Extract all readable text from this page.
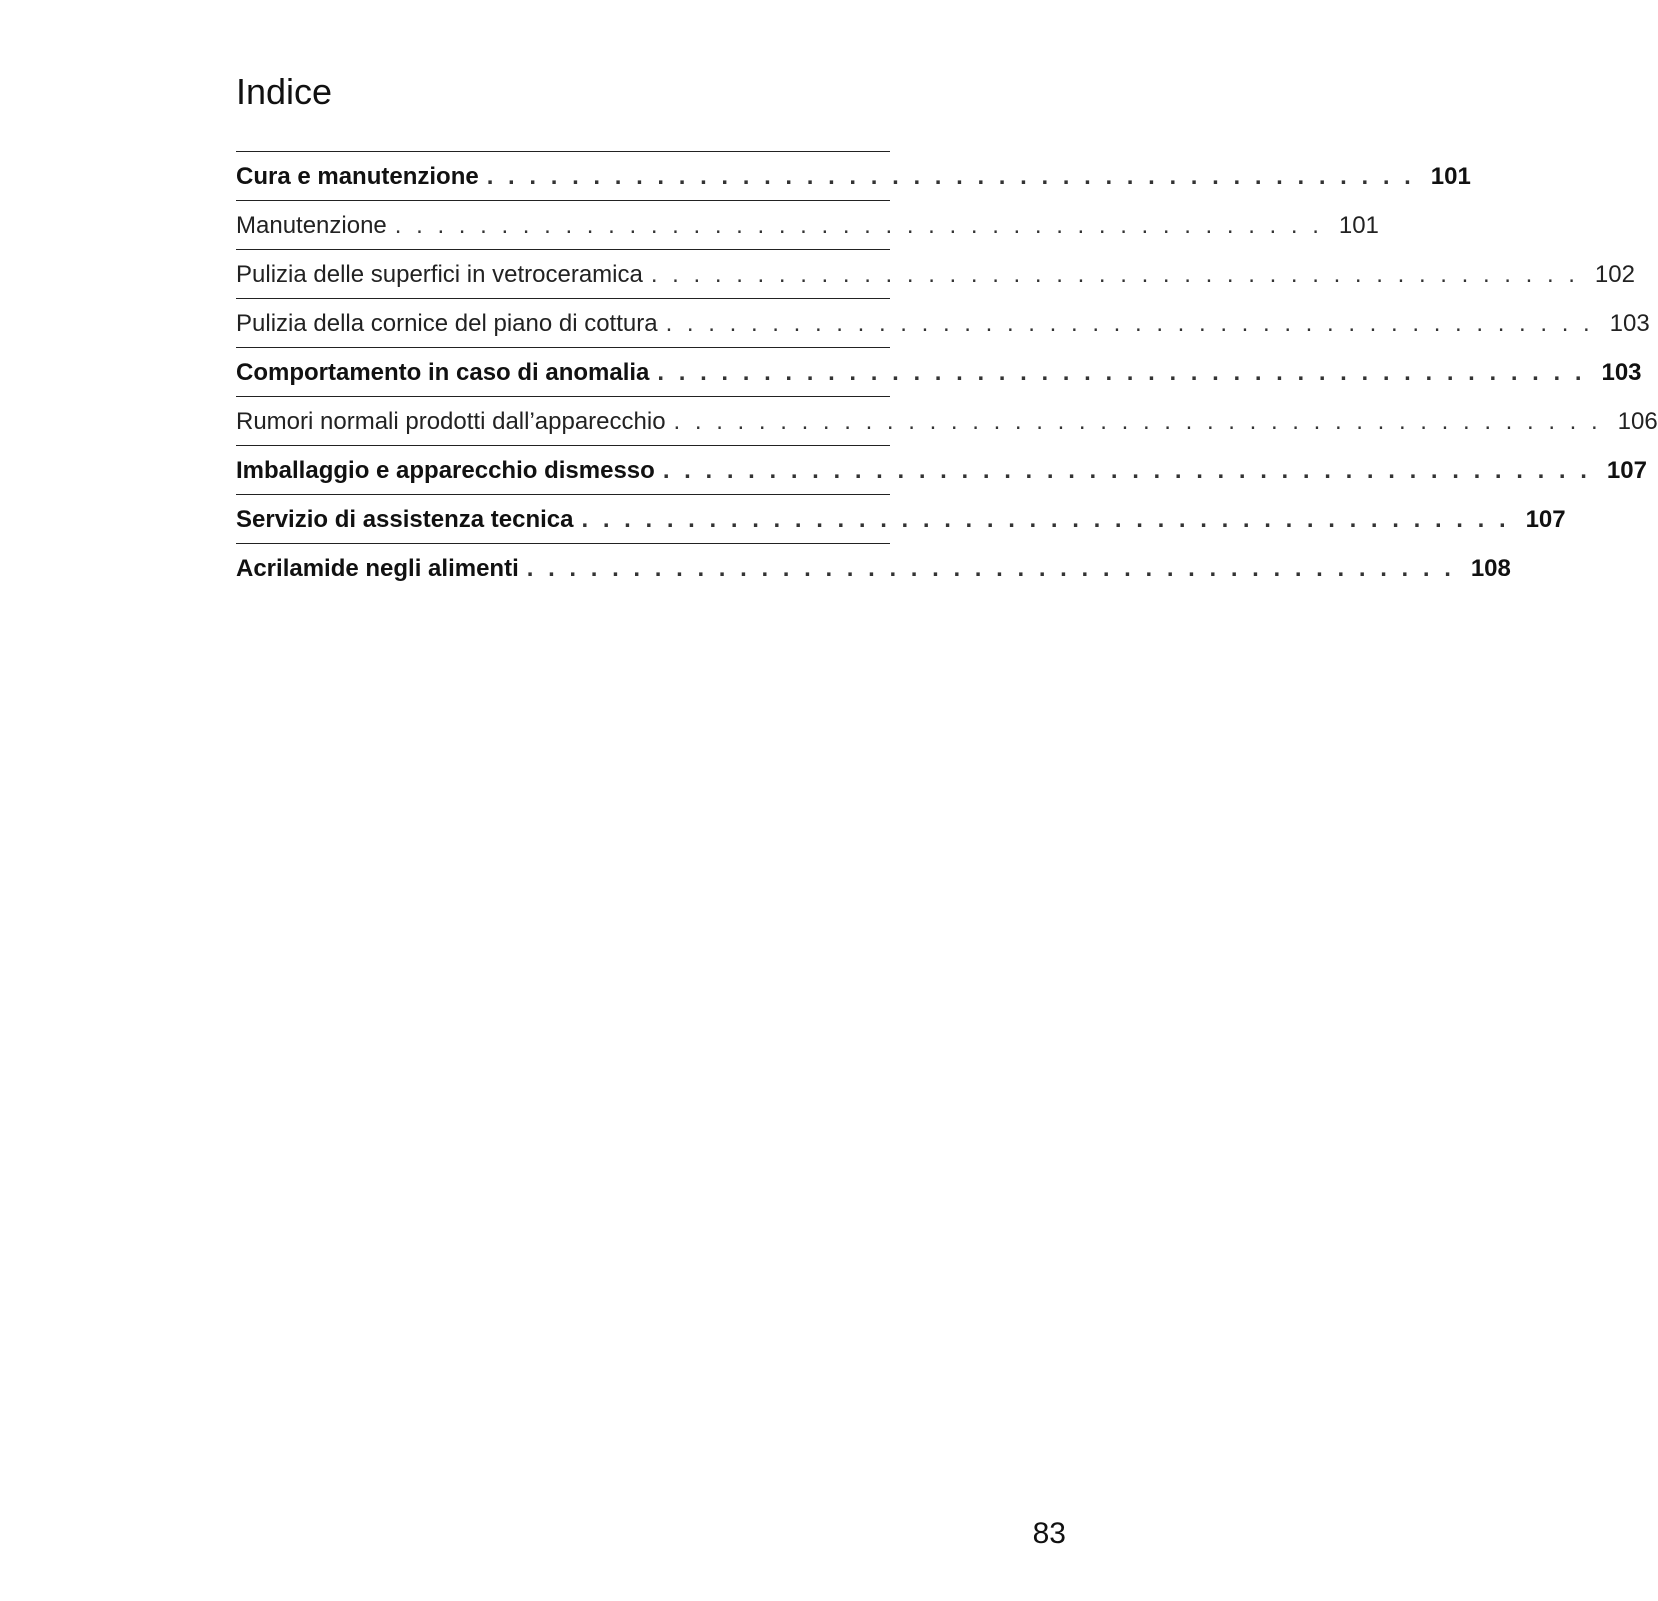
Indice
Cura e manutenzione . . . . . . . . . . . . . . . . . . . . . . . . . . . . . . . . . . . . . . . . . . . . 101
Manutenzione . . . . . . . . . . . . . . . . . . . . . . . . . . . . . . . . . . . . . . . . . . . . 101
Pulizia delle superfici in vetroceramica . . . . . . . . . . . . . . . . . . . . . . . . . . . . . . . . . . . . . . . . . . . . 102
Pulizia della cornice del piano di cottura . . . . . . . . . . . . . . . . . . . . . . . . . . . . . . . . . . . . . . . . . . . . 103
Comportamento in caso di anomalia . . . . . . . . . . . . . . . . . . . . . . . . . . . . . . . . . . . . . . . . . . . . 103
Rumori normali prodotti dall’apparecchio . . . . . . . . . . . . . . . . . . . . . . . . . . . . . . . . . . . . . . . . . . . . 106
Imballaggio e apparecchio dismesso . . . . . . . . . . . . . . . . . . . . . . . . . . . . . . . . . . . . . . . . . . . . 107
Servizio di assistenza tecnica . . . . . . . . . . . . . . . . . . . . . . . . . . . . . . . . . . . . . . . . . . . . 107
Acrilamide negli alimenti . . . . . . . . . . . . . . . . . . . . . . . . . . . . . . . . . . . . . . . . . . . . 108
83
